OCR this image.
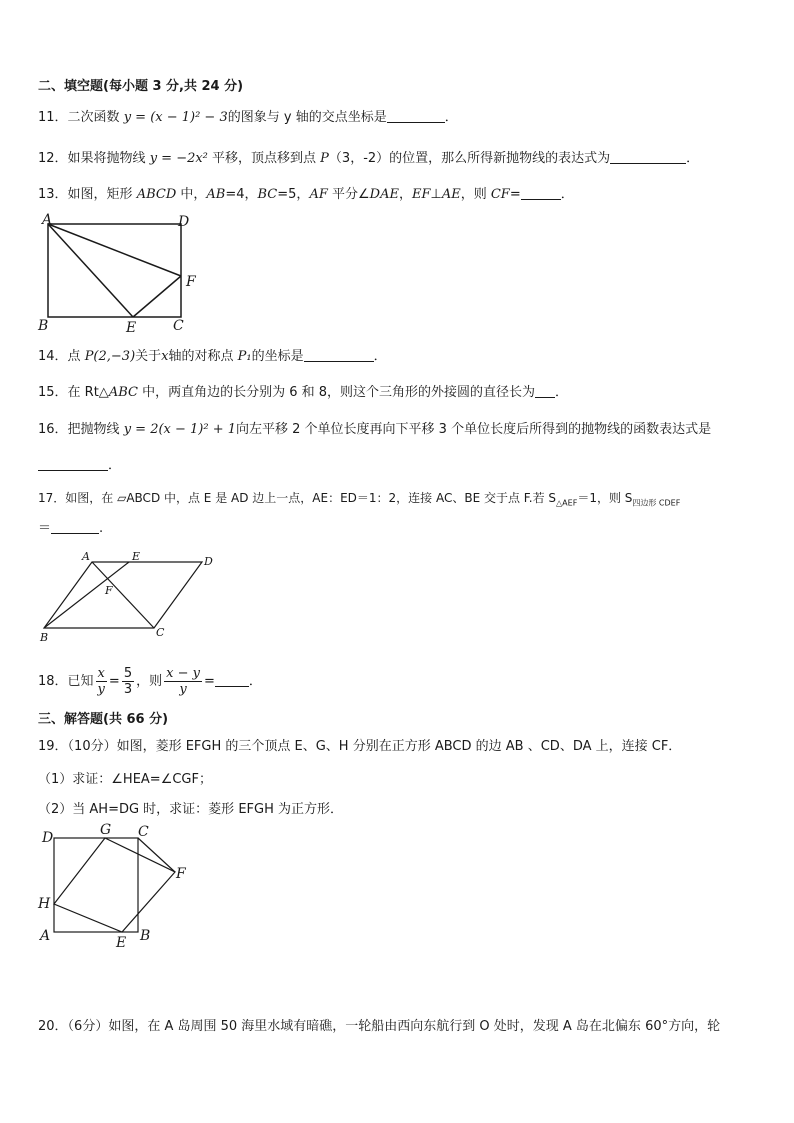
二、填空题(每小题 3 分,共 24 分)
11．二次函数 y = (x − 1)² − 3的图象与 y 轴的交点坐标是	．
12．如果将抛物线 y = −2x² 平移，顶点移到点 P（3，-2）的位置，那么所得新抛物线的表达式为	．
13．如图，矩形 ABCD 中，AB=4，BC=5，AF 平分∠DAE，EF⊥AE，则 CF=	．
A	D
B	E	C
F
14．点 P(2,−3)关于x轴的对称点 P₁的坐标是	．
15．在 Rt△ABC 中，两直角边的长分别为 6 和 8，则这个三角形的外接圆的直径长为 ．
16．把抛物线 y = 2(x − 1)² + 1向左平移 2 个单位长度再向下平移 3 个单位长度后所得到的抛物线的函数表达式是
．
17．如图，在 ▱ABCD 中，点 E 是 AD 边上一点，AE：ED＝1：2，连接 AC、BE 交于点 F.若 $S_{\triangle AEF}=1$，则 $S_{四边形 CDEF}$
＝	.
A	E	D
F
B	C
18．已知 $\frac{x}{y} = \frac{5}{3}$ ，则 $\frac{x - y}{y}$ =	．
三、解答题(共 66 分)
19．（10分）如图，菱形 EFGH 的三个顶点 E、G、H 分别在正方形 ABCD 的边 AB 、CD、DA 上，连接 CF．
（1）求证：∠HEA=∠CGF；
（2）当 AH=DG 时，求证：菱形 EFGH 为正方形．
D	G C
F
H
A	E B
20．（6分）如图，在 A 岛周围 50 海里水域有暗礁，一轮船由西向东航行到 O 处时，发现 A 岛在北偏东 60°方向，轮
